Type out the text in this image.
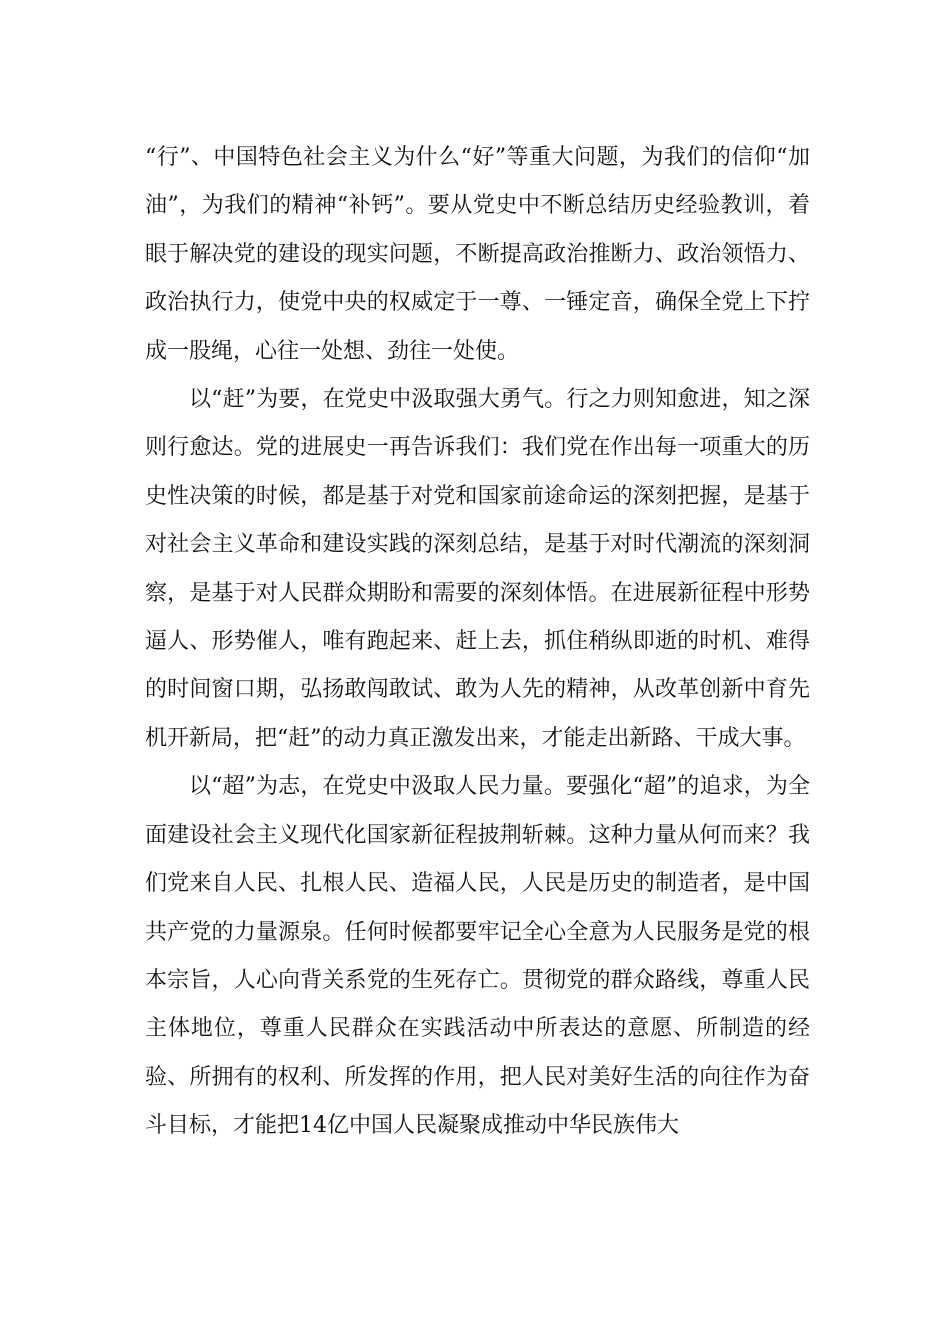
“行”、中国特色社会主义为什么“好”等重大问题，为我们的信仰“加油”，为我们的精神“补钙”。要从党史中不断总结历史经验教训，着眼于解决党的建设的现实问题，不断提高政治推断力、政治领悟力、政治执行力，使党中央的权威定于一尊、一锤定音，确保全党上下拧成一股绳，心往一处想、劲往一处使。

以“赶”为要，在党史中汲取强大勇气。行之力则知愈进，知之深则行愈达。党的进展史一再告诉我们：我们党在作出每一项重大的历史性决策的时候，都是基于对党和国家前途命运的深刻把握，是基于对社会主义革命和建设实践的深刻总结，是基于对时代潮流的深刻洞察，是基于对人民群众期盼和需要的深刻体悟。在进展新征程中形势逼人、形势催人，唯有跑起来、赶上去，抓住稍纵即逝的时机、难得的时间窗口期，弘扬敢闯敢试、敢为人先的精神，从改革创新中育先机开新局，把“赶”的动力真正激发出来，才能走出新路、干成大事。

以“超”为志，在党史中汲取人民力量。要强化“超”的追求，为全面建设社会主义现代化国家新征程披荆斩棘。这种力量从何而来？我们党来自人民、扎根人民、造福人民，人民是历史的制造者，是中国共产党的力量源泉。任何时候都要牢记全心全意为人民服务是党的根本宗旨，人心向背关系党的生死存亡。贯彻党的群众路线，尊重人民主体地位，尊重人民群众在实践活动中所表达的意愿、所制造的经验、所拥有的权利、所发挥的作用，把人民对美好生活的向往作为奋斗目标，才能把14亿中国人民凝聚成推动中华民族伟大
